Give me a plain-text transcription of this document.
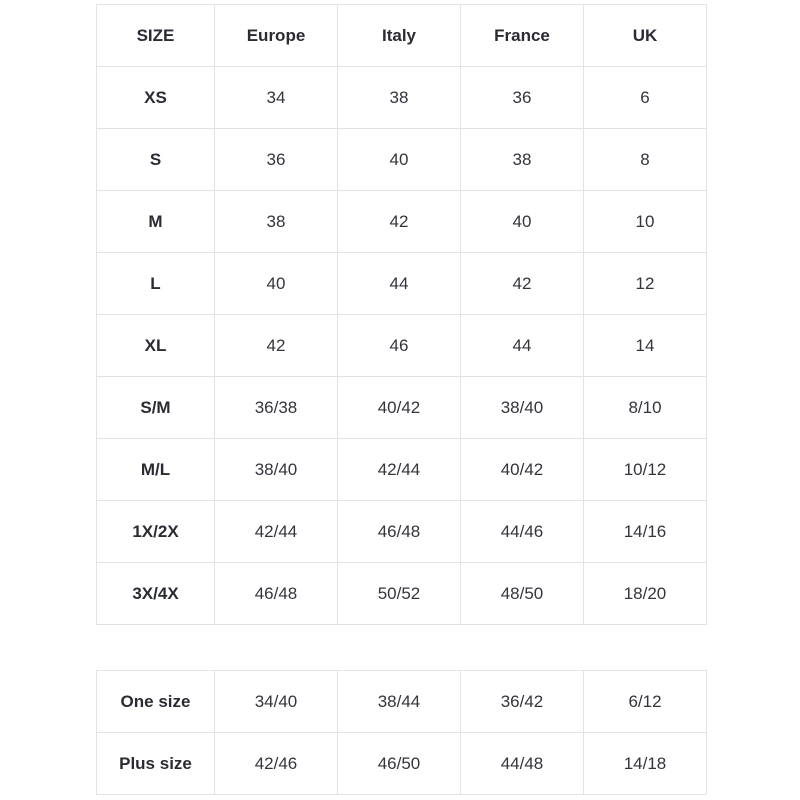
SIZE	Europe	Italy	France	UK
XS	34	38	36	6
S	36	40	38	8
M	38	42	40	10
L	40	44	42	12
XL	42	46	44	14
S/M	36/38	40/42	38/40	8/10
M/L	38/40	42/44	40/42	10/12
1X/2X	42/44	46/48	44/46	14/16
3X/4X	46/48	50/52	48/50	18/20
One size	34/40	38/44	36/42	6/12
Plus size	42/46	46/50	44/48	14/18
